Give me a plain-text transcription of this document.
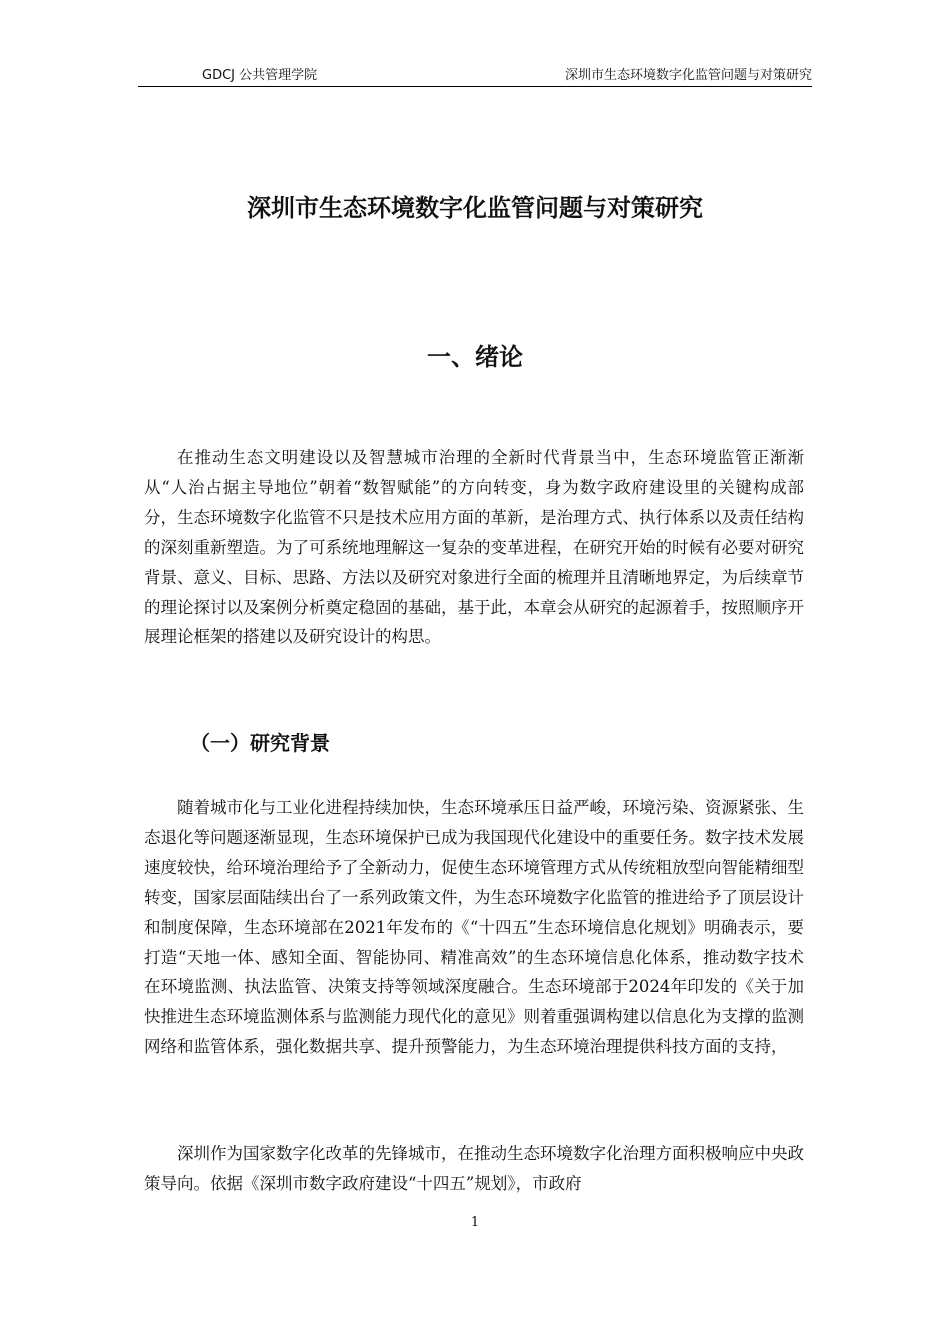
GDCJ 公共管理学院	深圳市生态环境数字化监管问题与对策研究
深圳市生态环境数字化监管问题与对策研究
一、绪论

在推动生态文明建设以及智慧城市治理的全新时代背景当中，生态环境监管正渐渐从“人治占据主导地位”朝着“数智赋能”的方向转变，身为数字政府建设里的关键构成部分，生态环境数字化监管不只是技术应用方面的革新，是治理方式、执行体系以及责任结构的深刻重新塑造。为了可系统地理解这一复杂的变革进程，在研究开始的时候有必要对研究背景、意义、目标、思路、方法以及研究对象进行全面的梳理并且清晰地界定，为后续章节的理论探讨以及案例分析奠定稳固的基础，基于此，本章会从研究的起源着手，按照顺序开展理论框架的搭建以及研究设计的构思。

（一）研究背景

随着城市化与工业化进程持续加快，生态环境承压日益严峻，环境污染、资源紧张、生态退化等问题逐渐显现，生态环境保护已成为我国现代化建设中的重要任务。数字技术发展速度较快，给环境治理给予了全新动力，促使生态环境管理方式从传统粗放型向智能精细型转变，国家层面陆续出台了一系列政策文件，为生态环境数字化监管的推进给予了顶层设计和制度保障，生态环境部在2021年发布的《“十四五”生态环境信息化规划》明确表示，要打造“天地一体、感知全面、智能协同、精准高效”的生态环境信息化体系，推动数字技术在环境监测、执法监管、决策支持等领域深度融合。生态环境部于2024年印发的《关于加快推进生态环境监测体系与监测能力现代化的意见》则着重强调构建以信息化为支撑的监测网络和监管体系，强化数据共享、提升预警能力，为生态环境治理提供科技方面的支持，

深圳作为国家数字化改革的先锋城市，在推动生态环境数字化治理方面积极响应中央政策导向。依据《深圳市数字政府建设“十四五”规划》，市政府

1
